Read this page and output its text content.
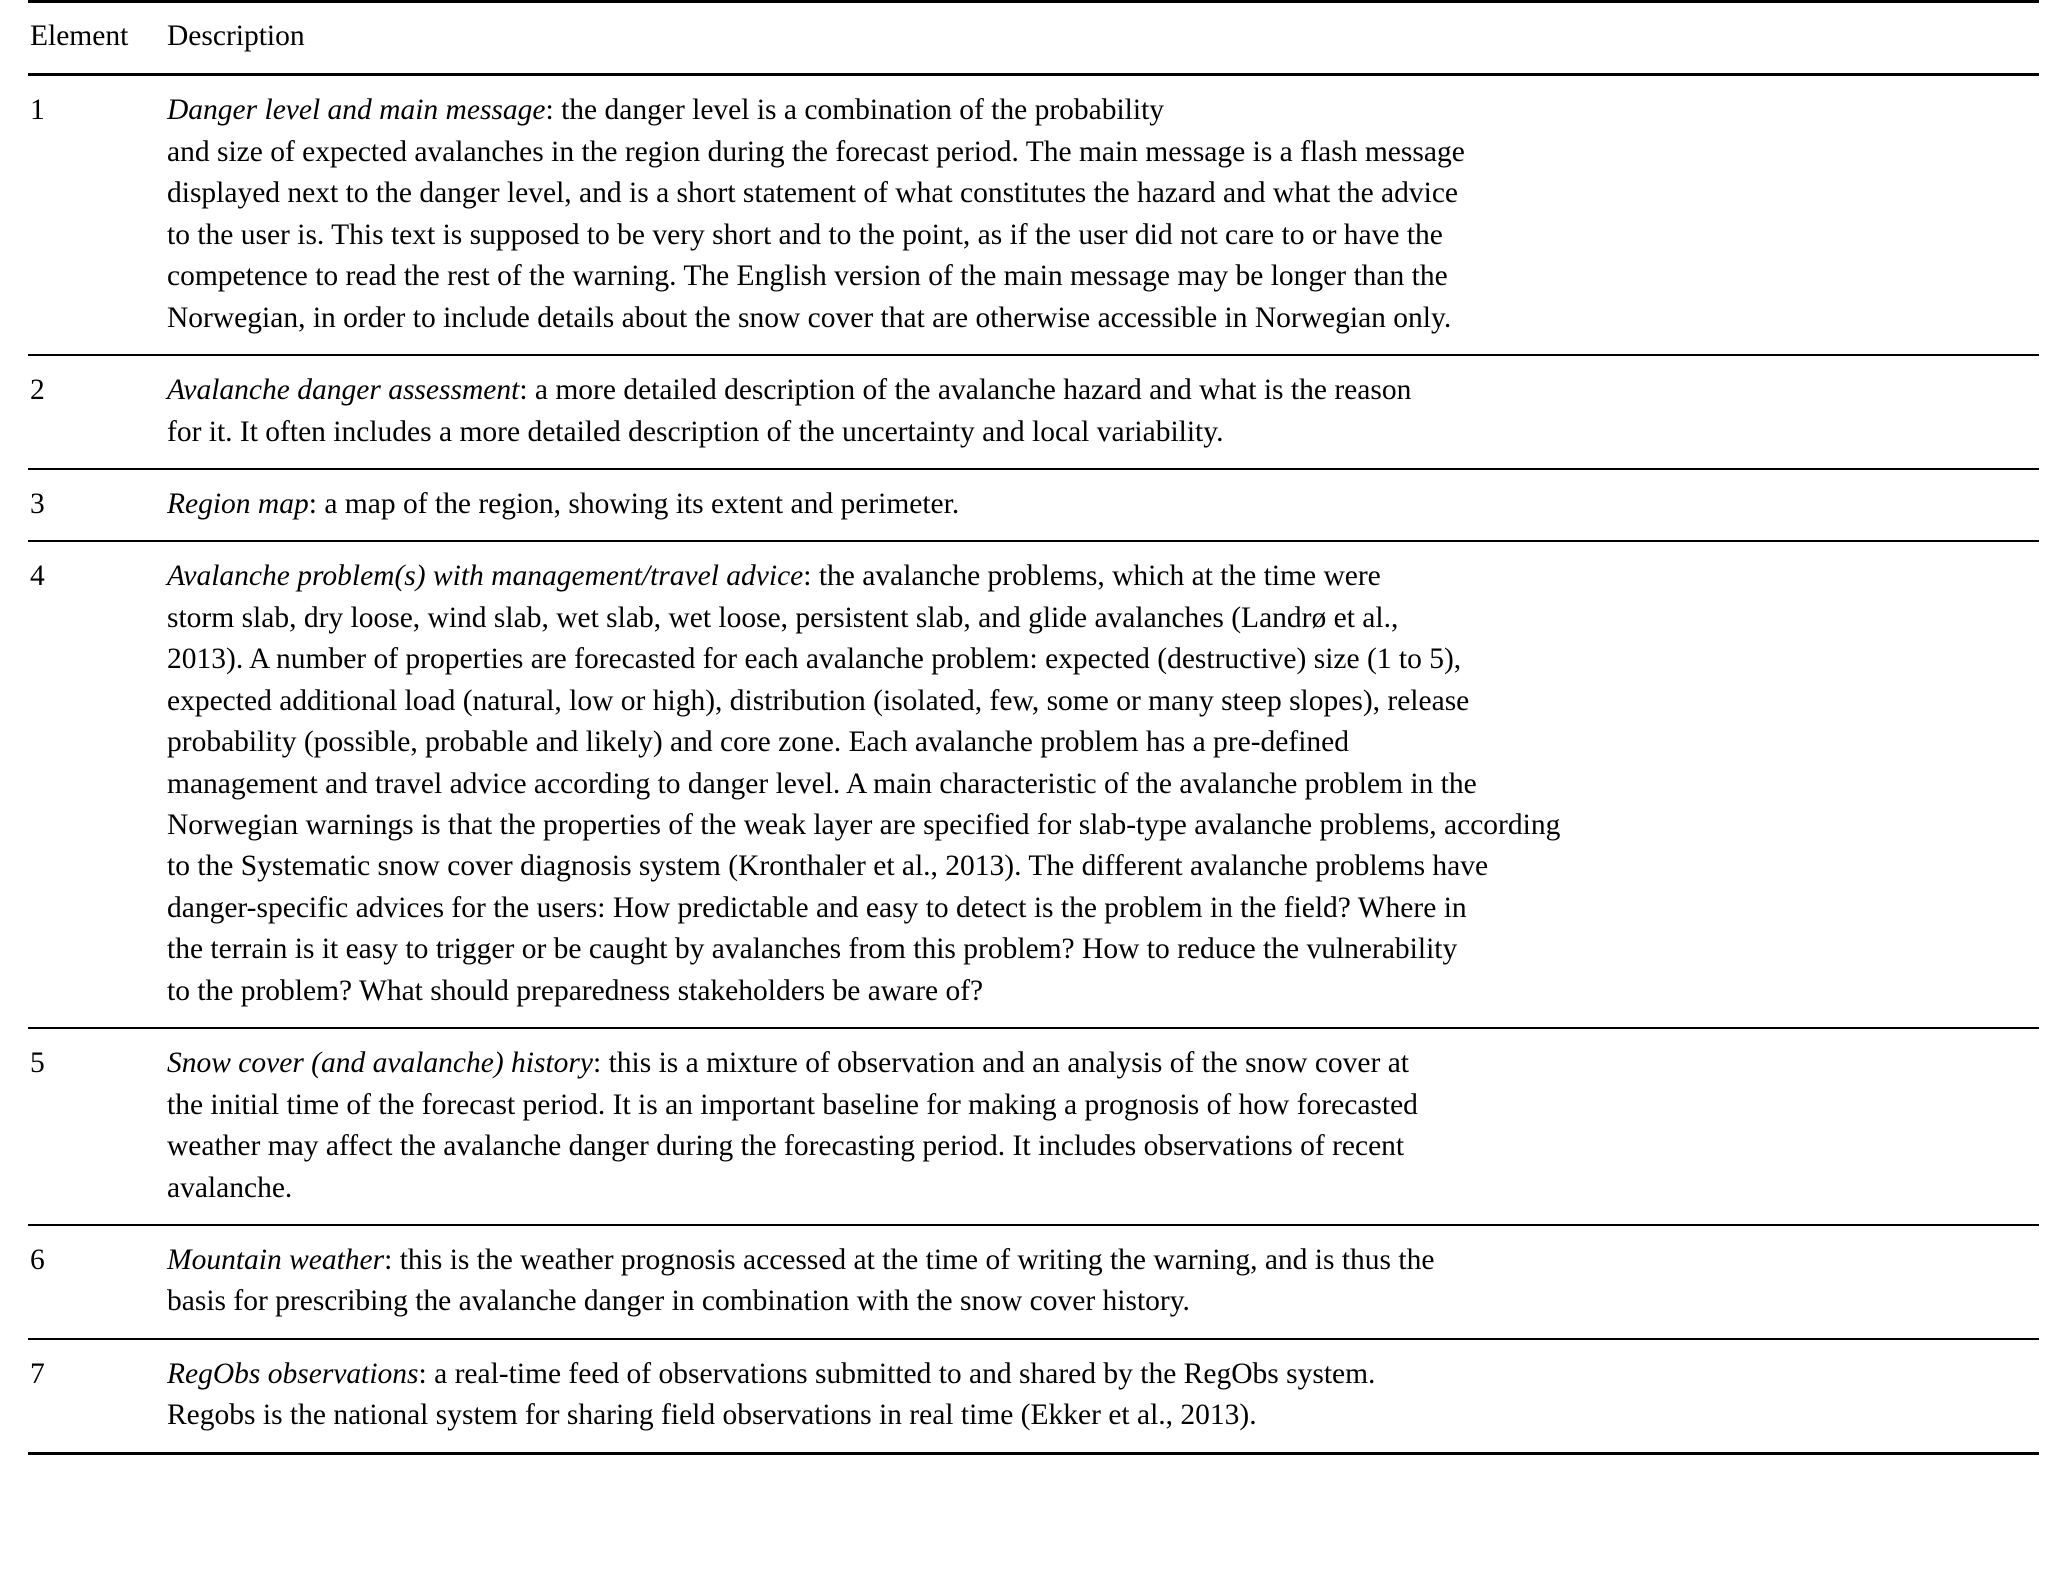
Element	Description
1	Danger level and main message: the danger level is a combination of the probability
and size of expected avalanches in the region during the forecast period. The main message is a flash message
displayed next to the danger level, and is a short statement of what constitutes the hazard and what the advice
to the user is. This text is supposed to be very short and to the point, as if the user did not care to or have the
competence to read the rest of the warning. The English version of the main message may be longer than the
Norwegian, in order to include details about the snow cover that are otherwise accessible in Norwegian only.

2	Avalanche danger assessment: a more detailed description of the avalanche hazard and what is the reason
for it. It often includes a more detailed description of the uncertainty and local variability.

3	Region map: a map of the region, showing its extent and perimeter.

4	Avalanche problem(s) with management/travel advice: the avalanche problems, which at the time were
storm slab, dry loose, wind slab, wet slab, wet loose, persistent slab, and glide avalanches (Landrø et al.,
2013). A number of properties are forecasted for each avalanche problem: expected (destructive) size (1 to 5),
expected additional load (natural, low or high), distribution (isolated, few, some or many steep slopes), release
probability (possible, probable and likely) and core zone. Each avalanche problem has a pre-defined
management and travel advice according to danger level. A main characteristic of the avalanche problem in the
Norwegian warnings is that the properties of the weak layer are specified for slab-type avalanche problems, according
to the Systematic snow cover diagnosis system (Kronthaler et al., 2013). The different avalanche problems have
danger-specific advices for the users: How predictable and easy to detect is the problem in the field? Where in
the terrain is it easy to trigger or be caught by avalanches from this problem? How to reduce the vulnerability
to the problem? What should preparedness stakeholders be aware of?

5	Snow cover (and avalanche) history: this is a mixture of observation and an analysis of the snow cover at
the initial time of the forecast period. It is an important baseline for making a prognosis of how forecasted
weather may affect the avalanche danger during the forecasting period. It includes observations of recent
avalanche.

6	Mountain weather: this is the weather prognosis accessed at the time of writing the warning, and is thus the
basis for prescribing the avalanche danger in combination with the snow cover history.

7	RegObs observations: a real-time feed of observations submitted to and shared by the RegObs system.
Regobs is the national system for sharing field observations in real time (Ekker et al., 2013).
